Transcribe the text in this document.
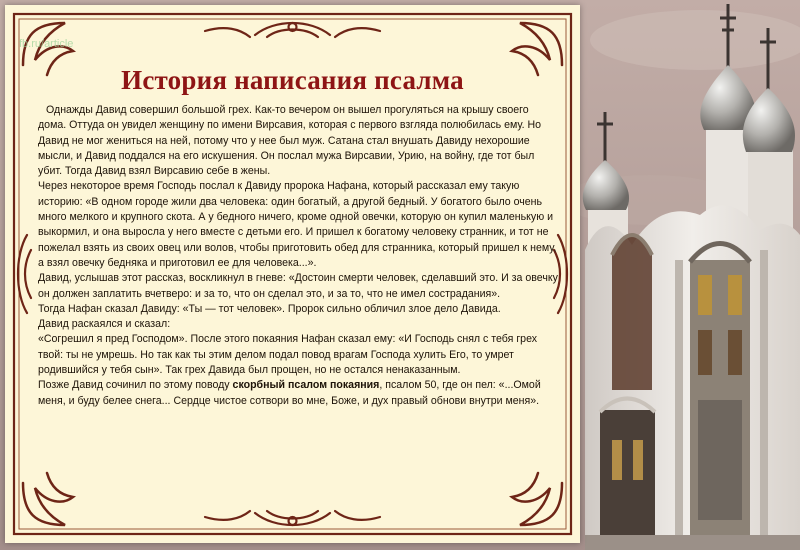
fb.ru/article
История написания псалма

Однажды Давид совершил большой грех. Как-то вечером он вышел прогуляться на крышу своего дома. Оттуда он увидел женщину по имени Вирсавия, которая с первого взгляда полюбилась ему. Но Давид не мог жениться на ней, потому что у нее был муж. Сатана стал внушать Давиду нехорошие мысли, и Давид поддался на его искушения. Он послал мужа Вирсавии, Урию, на войну, где тот был убит. Тогда Давид взял Вирсавию себе в жены.

Через некоторое время Господь послал к Давиду пророка Нафана, который рассказал ему такую историю: «В одном городе жили два человека: один богатый, а другой бедный. У богатого было очень много мелкого и крупного скота. А у бедного ничего, кроме одной овечки, которую он купил маленькую и выкормил, и она выросла у него вместе с детьми его. И пришел к богатому человеку странник, и тот не пожелал взять из своих овец или волов, чтобы приготовить обед для странника, который пришел к нему, а взял овечку бедняка и приготовил ее для человека...».

Давид, услышав этот рассказ, воскликнул в гневе: «Достоин смерти человек, сделавший это. И за овечку он должен заплатить вчетверо: и за то, что он сделал это, и за то, что не имел сострадания».

Тогда Нафан сказал Давиду: «Ты — тот человек». Пророк сильно обличил злое дело Давида.

Давид раскаялся и сказал:

«Согрешил я пред Господом». После этого покаяния Нафан сказал ему: «И Господь снял с тебя грех твой: ты не умрешь. Но так как ты этим делом подал повод врагам Господа хулить Его, то умрет родившийся у тебя сын». Так грех Давида был прощен, но не остался ненаказанным.

Позже Давид сочинил по этому поводу скорбный псалом покаяния, псалом 50, где он пел: «...Омой меня, и буду белее снега... Сердце чистое сотвори во мне, Боже, и дух правый обнови внутри меня».
